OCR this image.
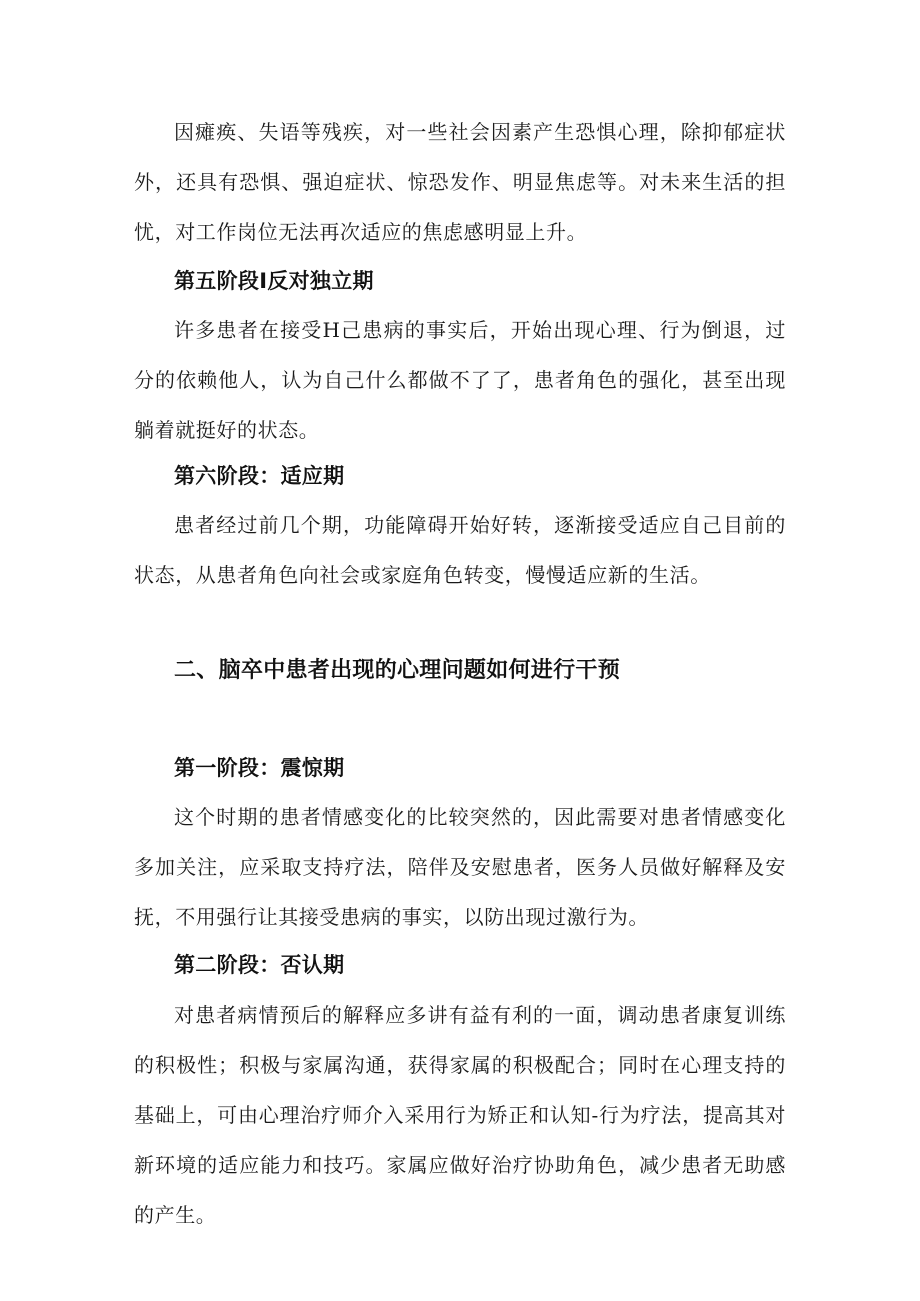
因瘫痪、失语等残疾，对一些社会因素产生恐惧心理，除抑郁症状外，还具有恐惧、强迫症状、惊恐发作、明显焦虑等。对未来生活的担忧，对工作岗位无法再次适应的焦虑感明显上升。

第五阶段I反对独立期

许多患者在接受H己患病的事实后，开始出现心理、行为倒退，过分的依赖他人，认为自己什么都做不了了，患者角色的强化，甚至出现躺着就挺好的状态。

第六阶段：适应期

患者经过前几个期，功能障碍开始好转，逐渐接受适应自己目前的状态，从患者角色向社会或家庭角色转变，慢慢适应新的生活。

二、脑卒中患者出现的心理问题如何进行干预
第一阶段：震惊期

这个时期的患者情感变化的比较突然的，因此需要对患者情感变化多加关注，应采取支持疗法，陪伴及安慰患者，医务人员做好解释及安抚，不用强行让其接受患病的事实，以防出现过激行为。

第二阶段：否认期

对患者病情预后的解释应多讲有益有利的一面，调动患者康复训练的积极性；积极与家属沟通，获得家属的积极配合；同时在心理支持的基础上，可由心理治疗师介入采用行为矫正和认知-行为疗法，提高其对新环境的适应能力和技巧。家属应做好治疗协助角色，减少患者无助感的产生。
